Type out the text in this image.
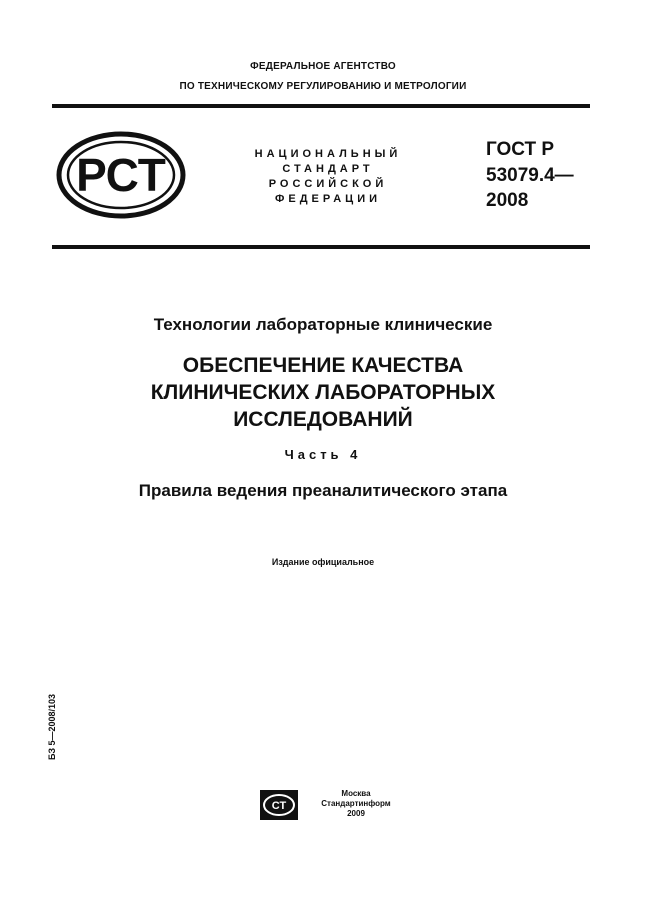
ФЕДЕРАЛЬНОЕ АГЕНТСТВО
ПО ТЕХНИЧЕСКОМУ РЕГУЛИРОВАНИЮ И МЕТРОЛОГИИ
РСТ	НАЦИОНАЛЬНЫЙ
СТАНДАРТ
РОССИЙСКОЙ
ФЕДЕРАЦИИ
ГОСТ Р
53079.4—
2008
Технологии лабораторные клинические
ОБЕСПЕЧЕНИЕ КАЧЕСТВА
КЛИНИЧЕСКИХ ЛАБОРАТОРНЫХ
ИССЛЕДОВАНИЙ
Часть 4
Правила ведения преаналитического этапа
Издание официальное
БЗ 5—2008/103
СТ
Москва
Стандартинформ
2009
